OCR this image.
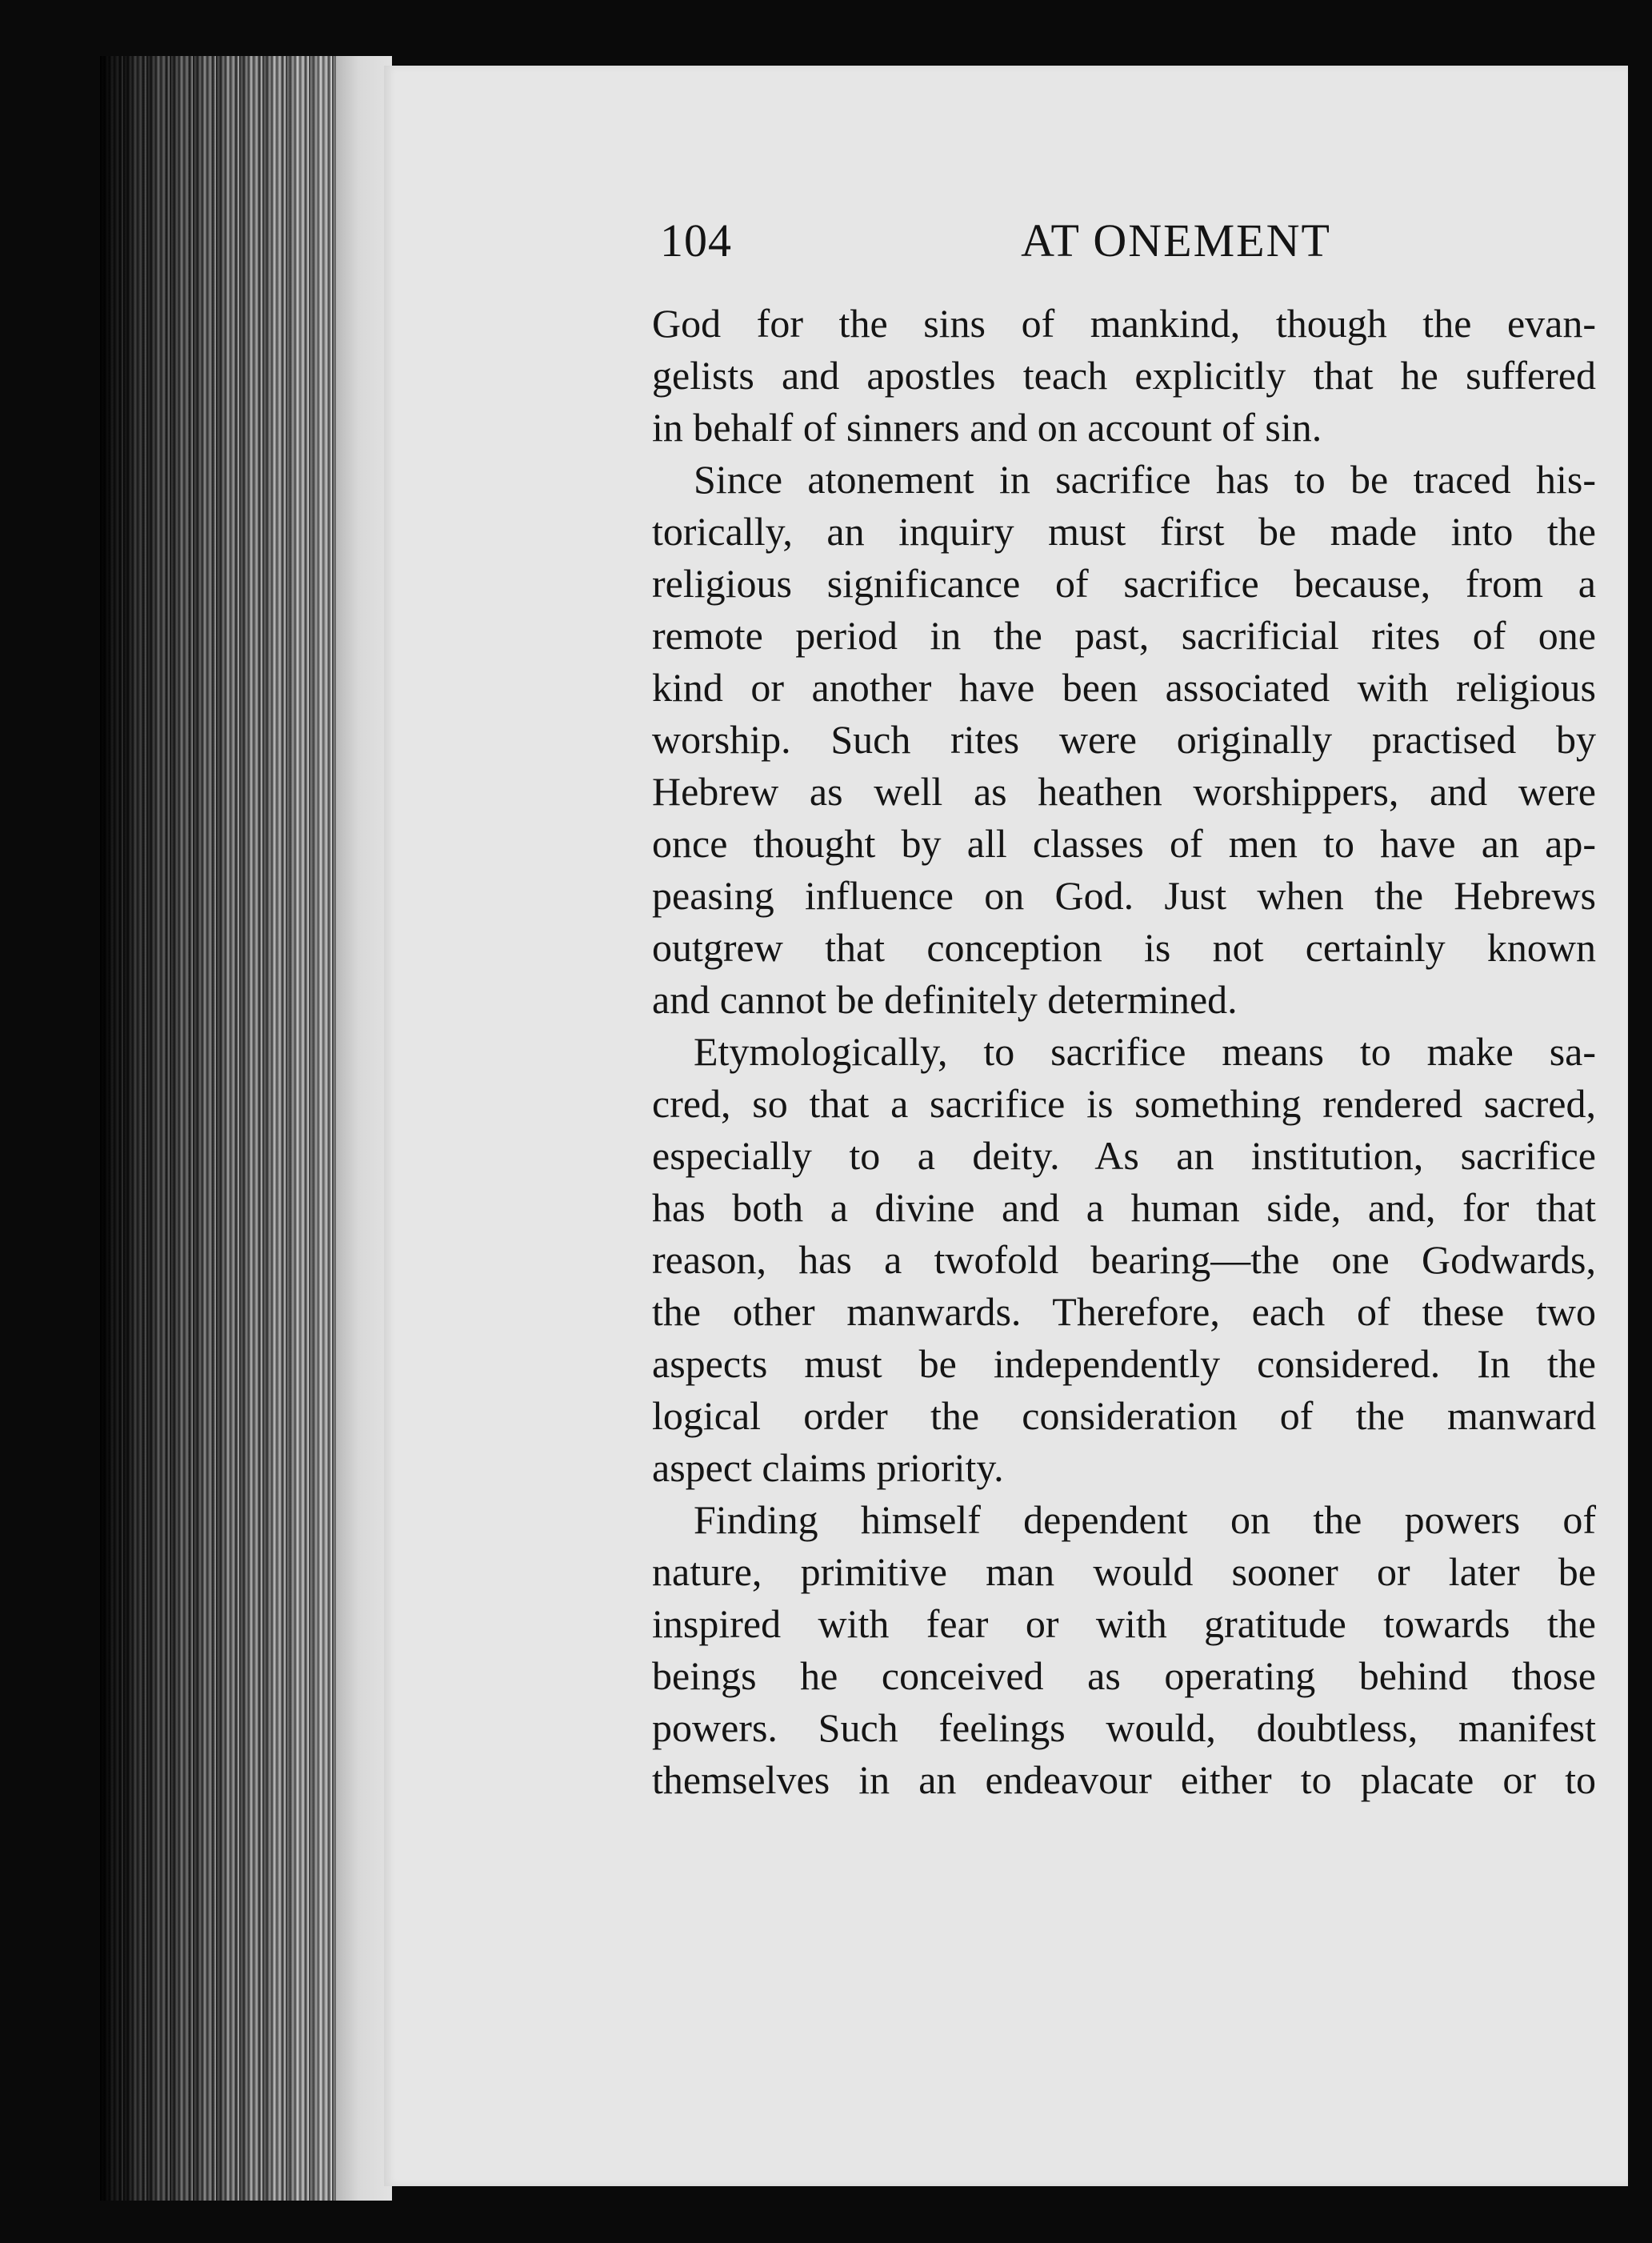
104	AT ONEMENT
God for the sins of mankind, though the evan-
gelists and apostles teach explicitly that he suffered
in behalf of sinners and on account of sin.
Since atonement in sacrifice has to be traced his-
torically, an inquiry must first be made into the
religious significance of sacrifice because, from a
remote period in the past, sacrificial rites of one
kind or another have been associated with religious
worship. Such rites were originally practised by
Hebrew as well as heathen worshippers, and were
once thought by all classes of men to have an ap-
peasing influence on God. Just when the Hebrews
outgrew that conception is not certainly known
and cannot be definitely determined.
Etymologically, to sacrifice means to make sa-
cred, so that a sacrifice is something rendered sacred,
especially to a deity. As an institution, sacrifice
has both a divine and a human side, and, for that
reason, has a twofold bearing—the one Godwards,
the other manwards. Therefore, each of these two
aspects must be independently considered. In the
logical order the consideration of the manward
aspect claims priority.
Finding himself dependent on the powers of
nature, primitive man would sooner or later be
inspired with fear or with gratitude towards the
beings he conceived as operating behind those
powers. Such feelings would, doubtless, manifest
themselves in an endeavour either to placate or to
